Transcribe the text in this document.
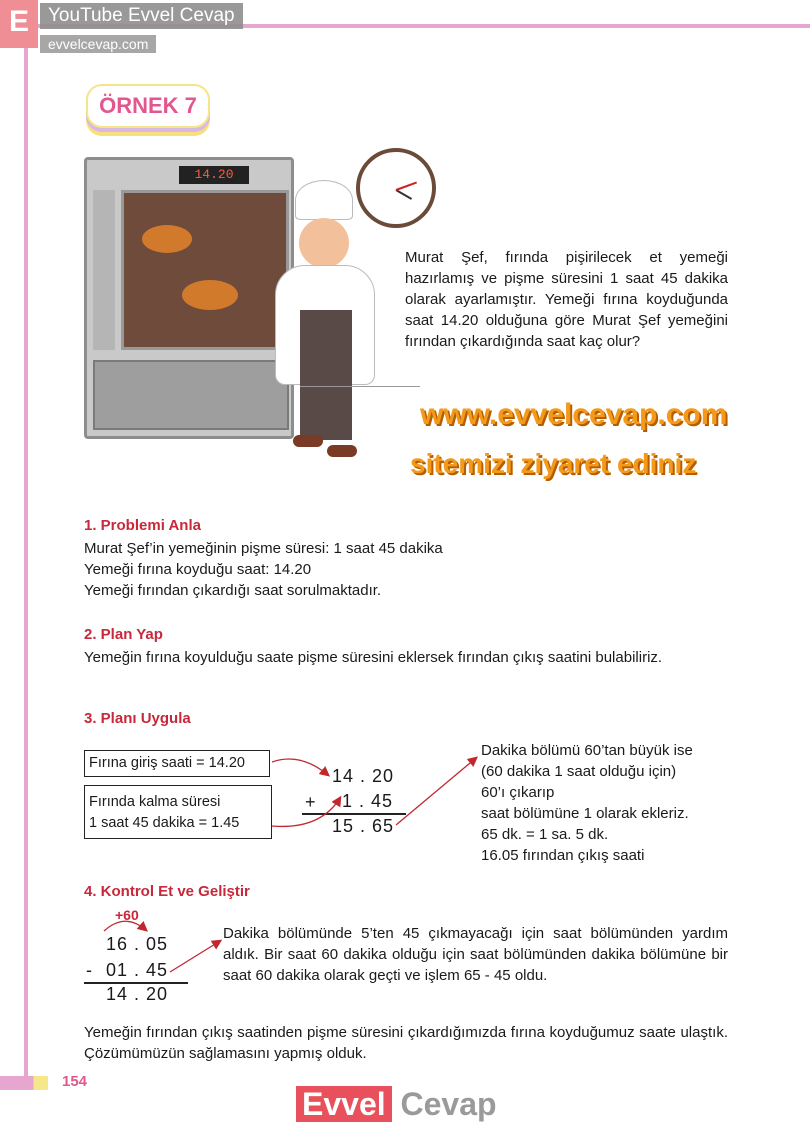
E	YouTube Evvel Cevap
evvelcevap.com
ÖRNEK 7
14.20
Murat Şef, fırında pişirilecek et yemeği hazırlamış ve pişme süresini 1 saat 45 dakika olarak ayarlamıştır. Yemeği fırına koyduğunda saat 14.20 olduğuna göre Murat Şef yemeğini fırından çıkardığında saat kaç olur?
www.evvelcevap.com
sitemizi ziyaret ediniz
1. Problemi Anla
Murat Şef’in yemeğinin pişme süresi: 1 saat 45 dakika
Yemeği fırına koyduğu saat: 14.20
Yemeği fırından çıkardığı saat sorulmaktadır.
2. Plan Yap
Yemeğin fırına koyulduğu saate pişme süresini eklersek fırından çıkış saatini bulabiliriz.
3. Planı Uygula
Fırına giriş saati = 14.20
Fırında kalma süresi
1 saat 45 dakika = 1.45
14 . 20
+ 1 . 45
15 . 65
Dakika bölümü 60’tan büyük ise
(60 dakika 1 saat olduğu için)
60’ı çıkarıp
saat bölümüne 1 olarak ekleriz.
65 dk. = 1 sa. 5 dk.
16.05 fırından çıkış saati
4. Kontrol Et ve Geliştir
+60
16 . 05
- 01 . 45
14 . 20
Dakika bölümünde 5’ten 45 çıkmayacağı için saat bölümünden yardım aldık. Bir saat 60 dakika olduğu için saat bölümünden dakika bölümüne bir saat 60 dakika olarak geçti ve işlem 65 - 45 oldu.
Yemeğin fırından çıkış saatinden pişme süresini çıkardığımızda fırına koyduğumuz saate ulaştık. Çözümümüzün sağlamasını yapmış olduk.
154
Evvel Cevap
